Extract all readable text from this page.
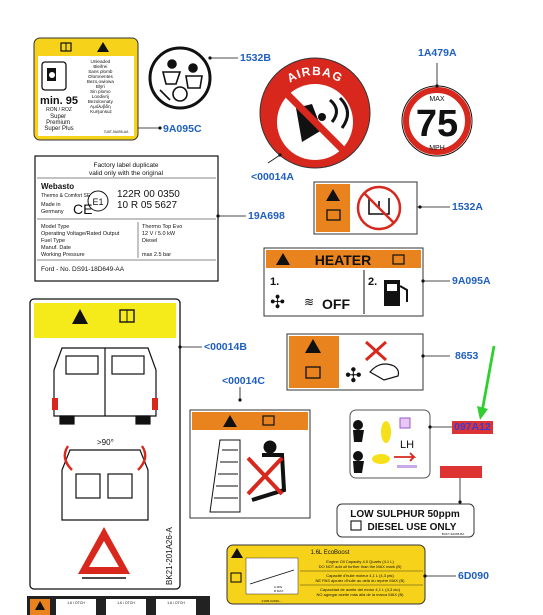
Unleaded Bleifrei Sans plomb Olomnentes Bezo,owiowa Blȳri Sin plomo Loodivrij Bezolovnaty Aμόλυβδη Kurşunsuz
min. 95
RON / ROZ
Super Premium Super Plus	7U5T-9A095-AA
AIRBAG
MAX
75
MPH
Factory label duplicate
valid only with the original
Webasto
Thermo & Comfort SE
Made in
Germany CE E1
122R 00 0350
10 R 05 5627
Model Type	Thermo Top Evo
Operating Voltage/Rated Output	12 V / 5.0 kW
Fuel Type	Diesel
Manuf. Date
Working Pressure	max 2.5 bar
Ford - No. DS91-18D649-AA
HEATER
1.
✣ ≋ OFF
2.
✣
>90°
BK21-201A26-A
LH
LOW SULPHUR 50ppm
DIESEL USE ONLY
BUK7-9A095-BA
1.6L EcoBoost
A MIN
B MAX
Engine Oil Capacity 4.0 Quarts (4.1 L)
DO NOT add oil further than the MAX mark (B)
Capacité d'huile moteur 4,1 L (4,3 pts)
NE PAS ajouter d'huile au delà du repère MAX (B)
Capacidad de aceite del motor 4,1 L (4,3 cto)
NO agregar aceite más allá de la marca MAX (B)
F1DB-6A690-...
1.6 / OTCH	1.6 / OTCH	1.6 / OTCH
1532B	1A479A
9A095C
<00014A
1532A
19A698
9A095A
<00014B
8653
<00014C
097A12
6D090
